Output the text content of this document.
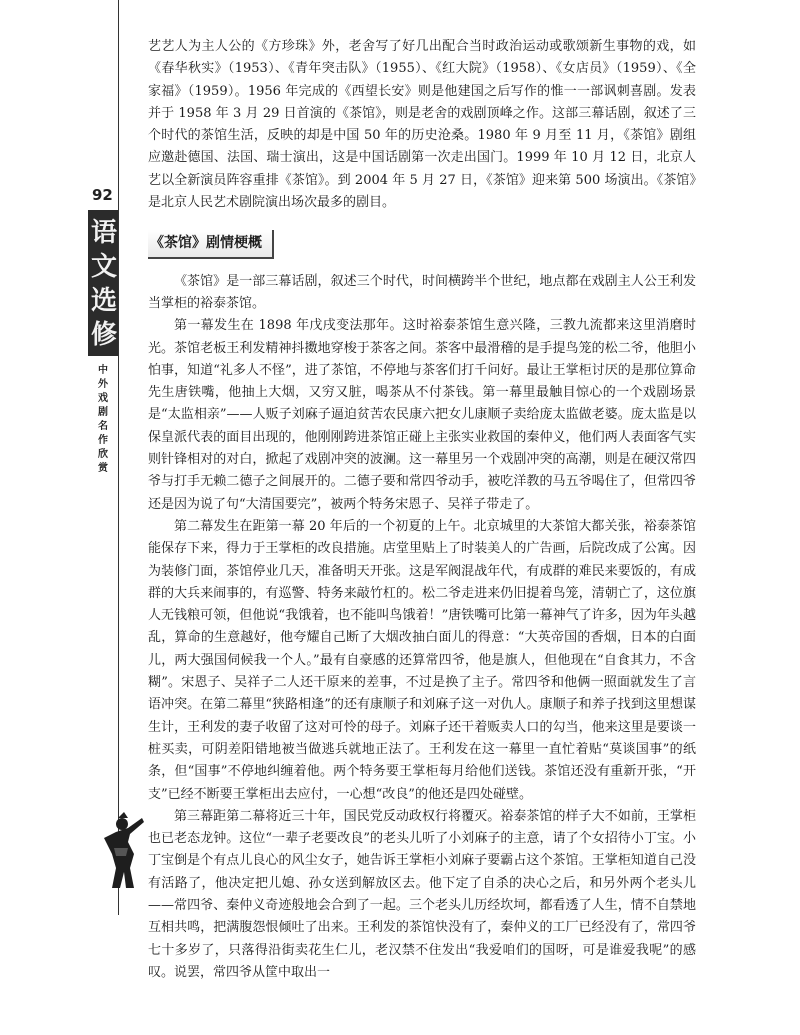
92
语
文
选
修
中
外
戏
剧
名
作
欣
赏

艺艺人为主人公的《方珍珠》外，老舍写了好几出配合当时政治运动或歌颂新生事物的戏，如《春华秋实》（1953）、《青年突击队》（1955）、《红大院》（1958）、《女店员》（1959）、《全家福》（1959）。1956 年完成的《西望长安》则是他建国之后写作的惟一一部讽刺喜剧。发表并于 1958 年 3 月 29 日首演的《茶馆》，则是老舍的戏剧顶峰之作。这部三幕话剧，叙述了三个时代的茶馆生活，反映的却是中国 50 年的历史沧桑。1980 年 9 月至 11 月，《茶馆》剧组应邀赴德国、法国、瑞士演出，这是中国话剧第一次走出国门。1999 年 10 月 12 日，北京人艺以全新演员阵容重排《茶馆》。到 2004 年 5 月 27 日，《茶馆》迎来第 500 场演出。《茶馆》是北京人民艺术剧院演出场次最多的剧目。

《茶馆》剧情梗概

《茶馆》是一部三幕话剧，叙述三个时代，时间横跨半个世纪，地点都在戏剧主人公王利发当掌柜的裕泰茶馆。

第一幕发生在 1898 年戊戌变法那年。这时裕泰茶馆生意兴隆，三教九流都来这里消磨时光。茶馆老板王利发精神抖擞地穿梭于茶客之间。茶客中最滑稽的是手提鸟笼的松二爷，他胆小怕事，知道“礼多人不怪”，进了茶馆，不停地与茶客们打千问好。最让王掌柜讨厌的是那位算命先生唐铁嘴，他抽上大烟，又穷又脏，喝茶从不付茶钱。第一幕里最触目惊心的一个戏剧场景是“太监相亲”——人贩子刘麻子逼迫贫苦农民康六把女儿康顺子卖给庞太监做老婆。庞太监是以保皇派代表的面目出现的，他刚刚跨进茶馆正碰上主张实业救国的秦仲义，他们两人表面客气实则针锋相对的对白，掀起了戏剧冲突的波澜。这一幕里另一个戏剧冲突的高潮，则是在硬汉常四爷与打手无赖二德子之间展开的。二德子要和常四爷动手，被吃洋教的马五爷喝住了，但常四爷还是因为说了句“大清国要完”，被两个特务宋恩子、吴祥子带走了。

第二幕发生在距第一幕 20 年后的一个初夏的上午。北京城里的大茶馆大都关张，裕泰茶馆能保存下来，得力于王掌柜的改良措施。店堂里贴上了时装美人的广告画，后院改成了公寓。因为装修门面，茶馆停业几天，准备明天开张。这是军阀混战年代，有成群的难民来要饭的，有成群的大兵来闹事的，有巡警、特务来敲竹杠的。松二爷走进来仍旧提着鸟笼，清朝亡了，这位旗人无钱粮可领，但他说“我饿着，也不能叫鸟饿着！”唐铁嘴可比第一幕神气了许多，因为年头越乱，算命的生意越好，他夸耀自己断了大烟改抽白面儿的得意：“大英帝国的香烟，日本的白面儿，两大强国伺候我一个人。”最有自豪感的还算常四爷，他是旗人，但他现在“自食其力，不含糊”。宋恩子、吴祥子二人还干原来的差事，不过是换了主子。常四爷和他俩一照面就发生了言语冲突。在第二幕里“狭路相逢”的还有康顺子和刘麻子这一对仇人。康顺子和养子找到这里想谋生计，王利发的妻子收留了这对可怜的母子。刘麻子还干着贩卖人口的勾当，他来这里是要谈一桩买卖，可阴差阳错地被当做逃兵就地正法了。王利发在这一幕里一直忙着贴“莫谈国事”的纸条，但“国事”不停地纠缠着他。两个特务要王掌柜每月给他们送钱。茶馆还没有重新开张，“开支”已经不断要王掌柜出去应付，一心想“改良”的他还是四处碰壁。

第三幕距第二幕将近三十年，国民党反动政权行将覆灭。裕泰茶馆的样子大不如前，王掌柜也已老态龙钟。这位“一辈子老要改良”的老头儿听了小刘麻子的主意，请了个女招待小丁宝。小丁宝倒是个有点儿良心的风尘女子，她告诉王掌柜小刘麻子要霸占这个茶馆。王掌柜知道自己没有活路了，他决定把儿媳、孙女送到解放区去。他下定了自杀的决心之后，和另外两个老头儿——常四爷、秦仲义奇迹般地会合到了一起。三个老头儿历经坎坷，都看透了人生，情不自禁地互相共鸣，把满腹怨恨倾吐了出来。王利发的茶馆快没有了，秦仲义的工厂已经没有了，常四爷七十多岁了，只落得沿街卖花生仁儿，老汉禁不住发出“我爱咱们的国呀，可是谁爱我呢”的感叹。说罢，常四爷从筐中取出一
